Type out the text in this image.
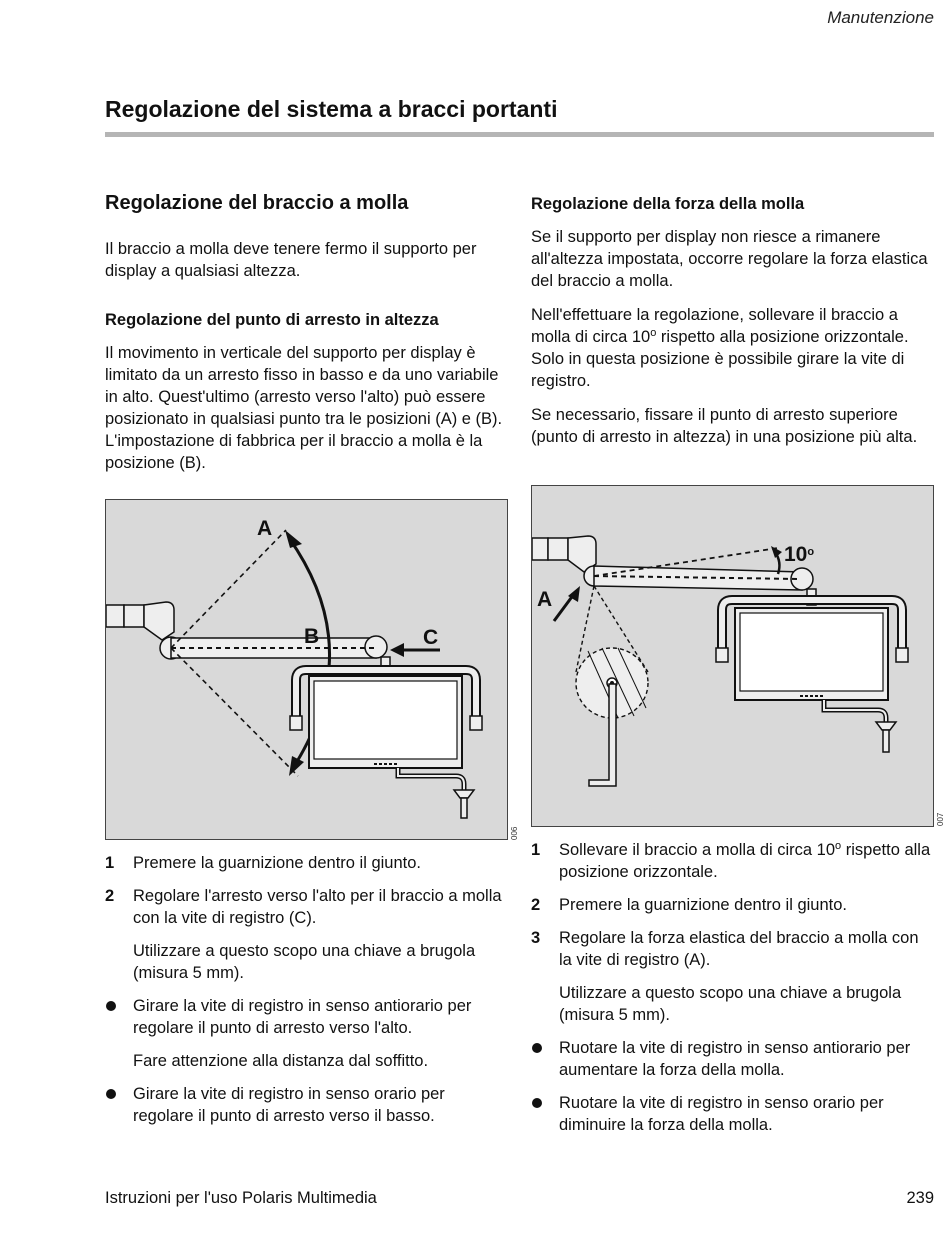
Manutenzione
Regolazione del sistema a bracci portanti
Regolazione del braccio a molla

Il braccio a molla deve tenere fermo il supporto per display a qualsiasi altezza.

Regolazione del punto di arresto in altezza

Il movimento in verticale del supporto per display è limitato da un arresto fisso in basso e da uno variabile in alto. Quest'ultimo (arresto verso l'alto) può essere posizionato in qualsiasi punto tra le posizioni (A) e (B). L'impostazione di fabbrica per il braccio a molla è la posizione (B).

A
B	C
006
1 Premere la guarnizione dentro il giunto.
2 Regolare l'arresto verso l'alto per il braccio a molla con la vite di registro (C).
Utilizzare a questo scopo una chiave a brugola (misura 5 mm).
Girare la vite di registro in senso antiorario per regolare il punto di arresto verso l'alto.
Fare attenzione alla distanza dal soffitto.
Girare la vite di registro in senso orario per regolare il punto di arresto verso il basso.
Regolazione della forza della molla

Se il supporto per display non riesce a rimanere all'altezza impostata, occorre regolare la forza elastica del braccio a molla.

Nell'effettuare la regolazione, sollevare il braccio a molla di circa 10$^o$ rispetto alla posizione orizzontale. Solo in questa posizione è possibile girare la vite di registro.

Se necessario, fissare il punto di arresto superiore (punto di arresto in altezza) in una posizione più alta.

A
10$^o$
007
1 Sollevare il braccio a molla di circa 10$^o$ rispetto alla posizione orizzontale.
2 Premere la guarnizione dentro il giunto.
3 Regolare la forza elastica del braccio a molla con la vite di registro (A).
Utilizzare a questo scopo una chiave a brugola (misura 5 mm).
Ruotare la vite di registro in senso antiorario per aumentare la forza della molla.
Ruotare la vite di registro in senso orario per diminuire la forza della molla.
Istruzioni per l'uso Polaris Multimedia	239
